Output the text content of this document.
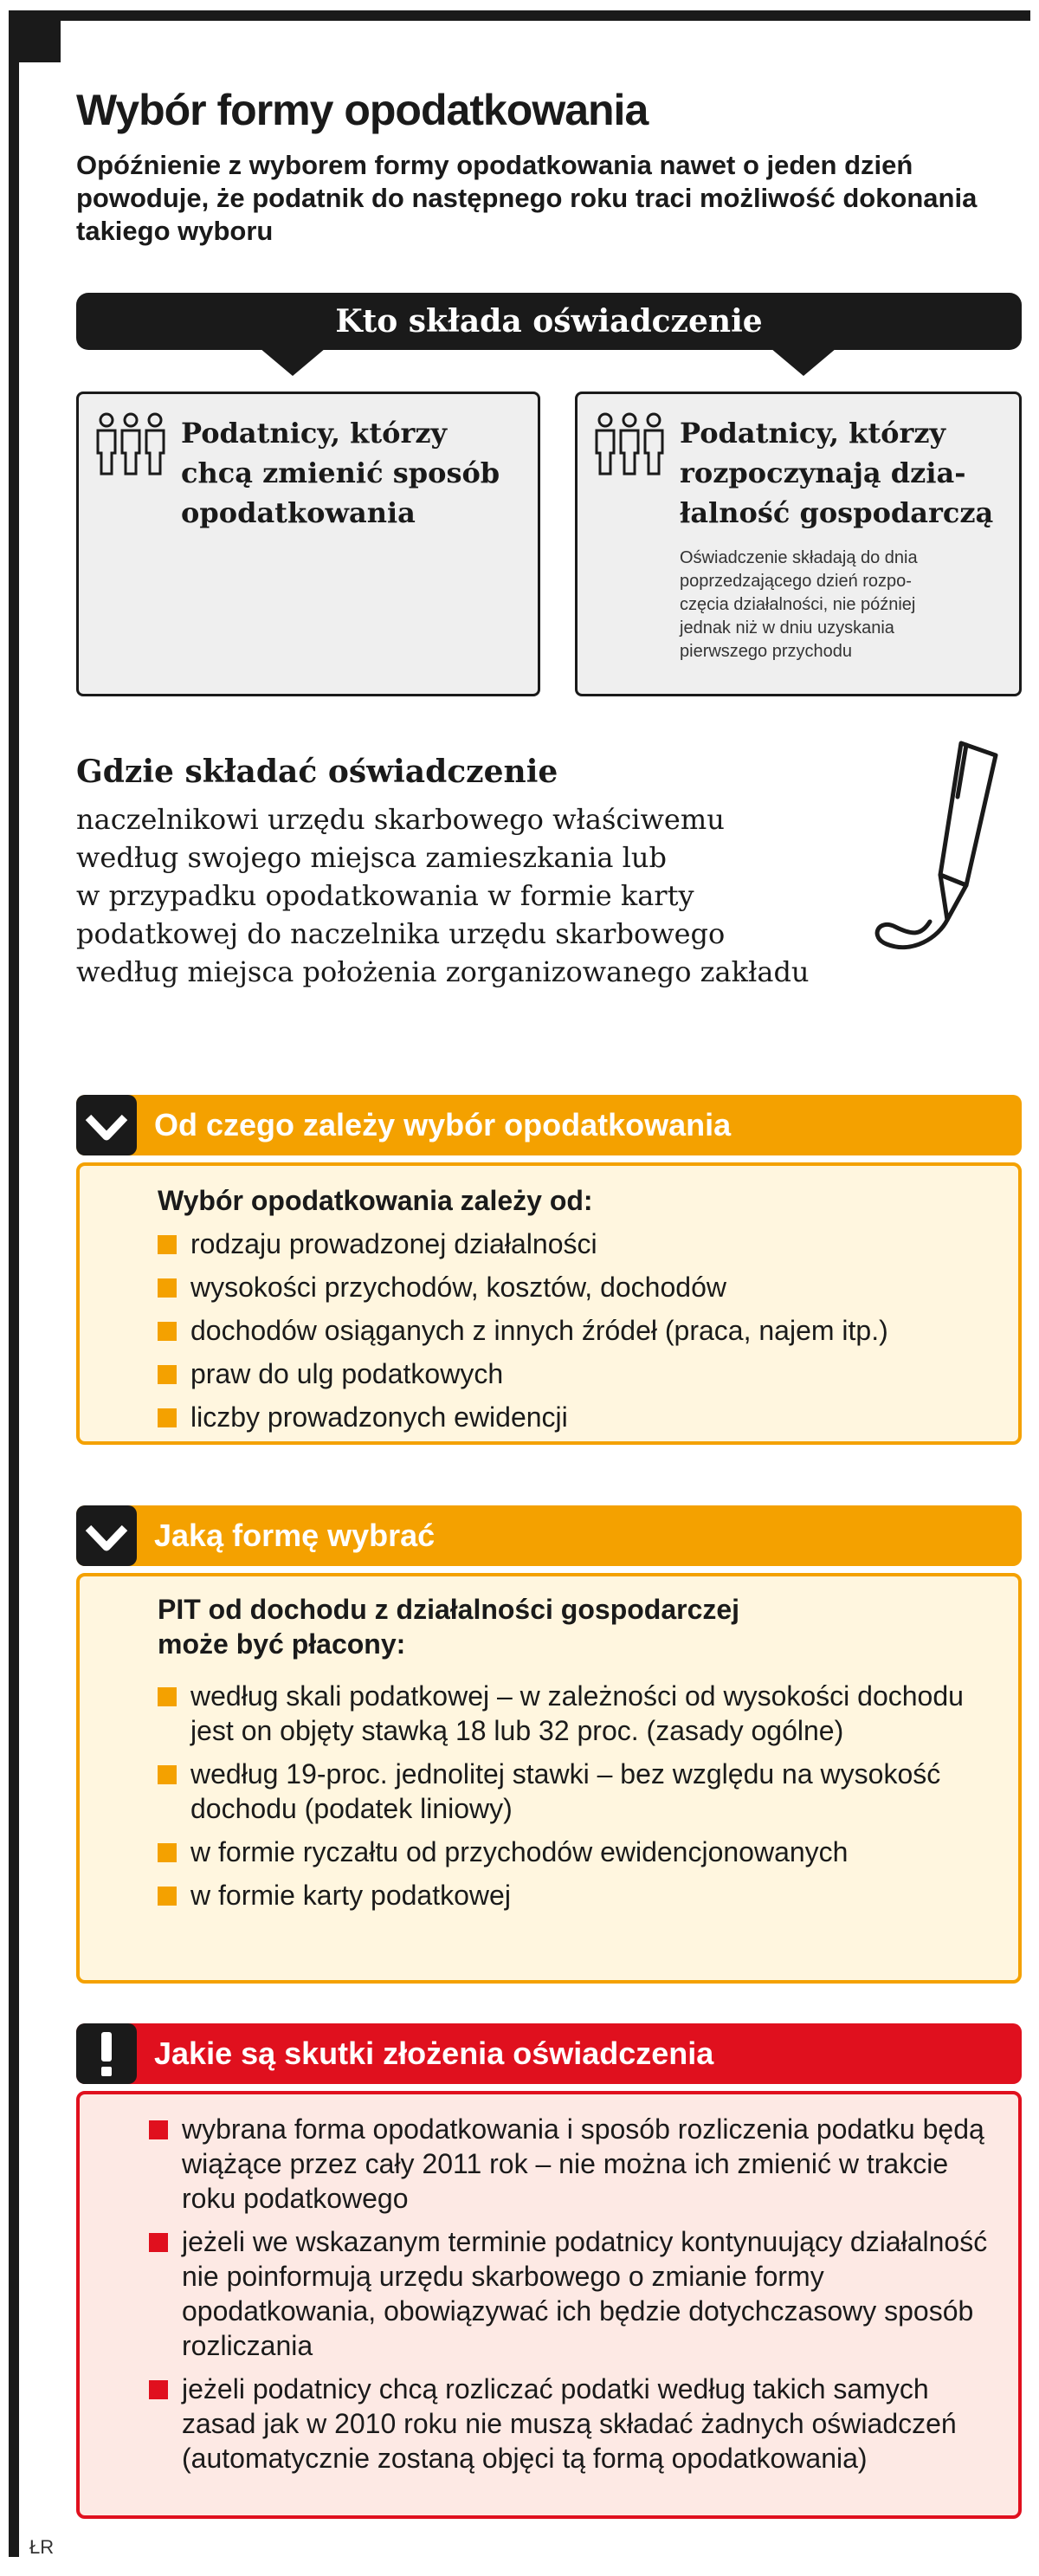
Wybór formy opodatkowania
Opóźnienie z wyborem formy opodatkowania nawet o jeden dzień powoduje, że podatnik do następnego roku traci możliwość dokonania takiego wyboru
Kto składa oświadczenie
Podatnicy, którzy
chcą zmienić sposób
opodatkowania
Podatnicy, którzy
rozpoczynają dzia-
łalność gospodarczą
Oświadczenie składają do dnia
poprzedzającego dzień rozpo-
częcia działalności, nie później
jednak niż w dniu uzyskania
pierwszego przychodu
Gdzie składać oświadczenie
naczelnikowi urzędu skarbowego właściwemu
według swojego miejsca zamieszkania lub
w przypadku opodatkowania w formie karty
podatkowej do naczelnika urzędu skarbowego
według miejsca położenia zorganizowanego zakładu
Od czego zależy wybór opodatkowania
Wybór opodatkowania zależy od:
rodzaju prowadzonej działalności
wysokości przychodów, kosztów, dochodów
dochodów osiąganych z innych źródeł (praca, najem itp.)
praw do ulg podatkowych
liczby prowadzonych ewidencji
Jaką formę wybrać
PIT od dochodu z działalności gospodarczej
może być płacony:
według skali podatkowej – w zależności od wysokości dochodu jest on objęty stawką 18 lub 32 proc. (zasady ogólne)
według 19-proc. jednolitej stawki – bez względu na wysokość dochodu (podatek liniowy)
w formie ryczałtu od przychodów ewidencjonowanych
w formie karty podatkowej
Jakie są skutki złożenia oświadczenia
wybrana forma opodatkowania i sposób rozliczenia podatku będą wiążące przez cały 2011 rok – nie można ich zmienić w trakcie roku podatkowego
jeżeli we wskazanym terminie podatnicy kontynuujący działalność nie poinformują urzędu skarbowego o zmianie formy opodatkowania, obowiązywać ich będzie dotychczasowy sposób rozliczania
jeżeli podatnicy chcą rozliczać podatki według takich samych zasad jak w 2010 roku nie muszą składać żadnych oświadczeń (automatycznie zostaną objęci tą formą opodatkowania)
ŁR
